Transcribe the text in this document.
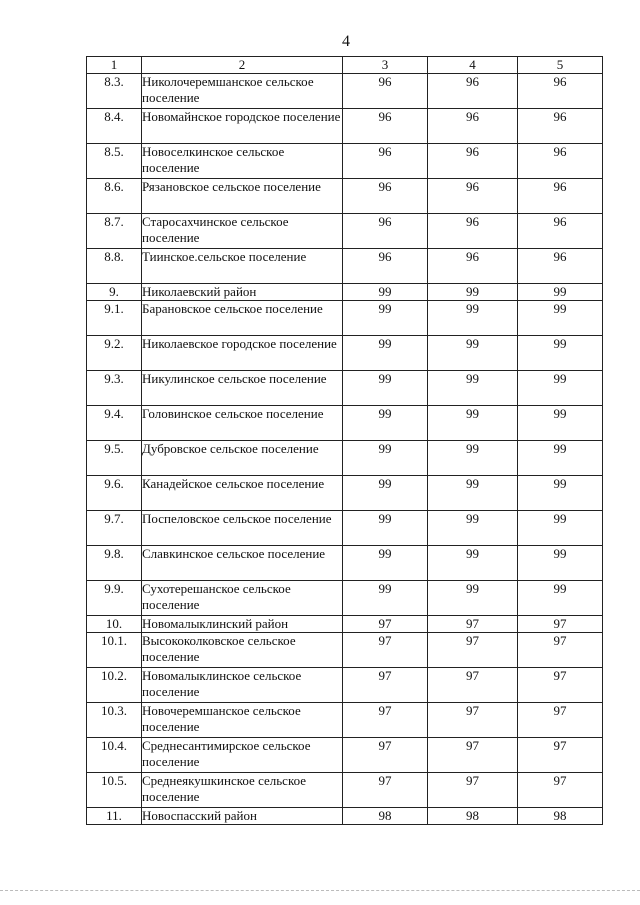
4
1	2	3	4	5
8.3.	Николочеремшанское сельское поселение	96	96	96
8.4.	Новомайнское городское поселение	96	96	96
8.5.	Новоселкинское сельское поселение	96	96	96
8.6.	Рязановское сельское поселение	96	96	96
8.7.	Старосахчинское сельское поселение	96	96	96
8.8.	Тиинское.сельское поселение	96	96	96
9.	Николаевский район	99	99	99
9.1.	Барановское сельское поселение	99	99	99
9.2.	Николаевское городское поселение	99	99	99
9.3.	Никулинское сельское поселение	99	99	99
9.4.	Головинское сельское поселение	99	99	99
9.5.	Дубровское сельское поселение	99	99	99
9.6.	Канадейское сельское поселение	99	99	99
9.7.	Поспеловское сельское поселение	99	99	99
9.8.	Славкинское сельское поселение	99	99	99
9.9.	Сухотерешанское сельское поселение	99	99	99
10.	Новомалыклинский район	97	97	97
10.1.	Высококолковское сельское поселение	97	97	97
10.2.	Новомалыклинское сельское поселение	97	97	97
10.3.	Новочеремшанское сельское поселение	97	97	97
10.4.	Среднесантимирское сельское поселение	97	97	97
10.5.	Среднеякушкинское сельское поселение	97	97	97
11.	Новоспасский район	98	98	98
